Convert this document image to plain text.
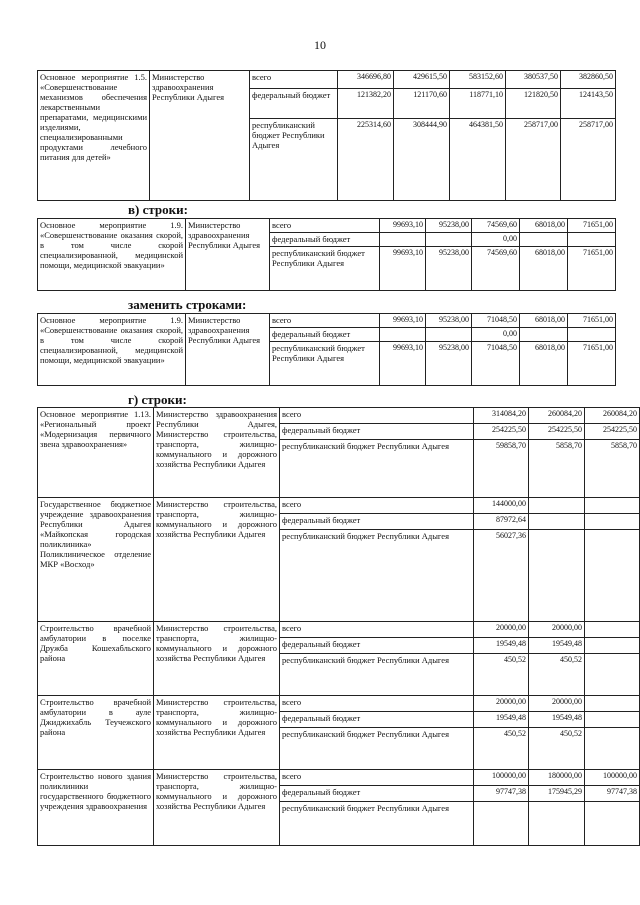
10
Основное мероприятие 1.5. «Совершенствование механизмов обеспечения лекарственными препаратами, медицинскими изделиями, специализированными продуктами лечебного питания для детей»	Министерство здравоохранения Республики Адыгея	всего	346696,80	429615,50	583152,60	380537,50	382860,50
		федеральный бюджет	121382,20	121170,60	118771,10	121820,50	124143,50
		республиканский бюджет Республики Адыгея	225314,60	308444,90	464381,50	258717,00	258717,00
в) строки:
Основное мероприятие 1.9. «Совершенствование оказания скорой, в том числе скорой специализированной, медицинской помощи, медицинской эвакуации»	Министерство здравоохранения Республики Адыгея	всего	99693,10	95238,00	74569,60	68018,00	71651,00
		федеральный бюджет			0,00		
		республиканский бюджет Республики Адыгея	99693,10	95238,00	74569,60	68018,00	71651,00
заменить строками:
Основное мероприятие 1.9. «Совершенствование оказания скорой, в том числе скорой специализированной, медицинской помощи, медицинской эвакуации»	Министерство здравоохранения Республики Адыгея	всего	99693,10	95238,00	71048,50	68018,00	71651,00
		федеральный бюджет			0,00		
		республиканский бюджет Республики Адыгея	99693,10	95238,00	71048,50	68018,00	71651,00
г) строки:
Основное мероприятие 1.13. «Региональный проект «Модернизация первичного звена здравоохранения»	Министерство здравоохранения Республики Адыгея, Министерство строительства, транспорта, жилищно-коммунального и дорожного хозяйства Республики Адыгея	всего	314084,20	260084,20	260084,20
		федеральный бюджет	254225,50	254225,50	254225,50
		республиканский бюджет Республики Адыгея	59858,70	5858,70	5858,70
Государственное бюджетное учреждение здравоохранения Республики Адыгея «Майкопская городская поликлиника» Поликлиническое отделение МКР «Восход»	Министерство строительства, транспорта, жилищно-коммунального и дорожного хозяйства Республики Адыгея	всего	144000,00		
		федеральный бюджет	87972,64		
		республиканский бюджет Республики Адыгея	56027,36		
Строительство врачебной амбулатории в поселке Дружба Кошехабльского района	Министерство строительства, транспорта, жилищно-коммунального и дорожного хозяйства Республики Адыгея	всего	20000,00	20000,00	
		федеральный бюджет	19549,48	19549,48	
		республиканский бюджет Республики Адыгея	450,52	450,52	
Строительство врачебной амбулатории в ауле Джиджихабль Теучежского района	Министерство строительства, транспорта, жилищно-коммунального и дорожного хозяйства Республики Адыгея	всего	20000,00	20000,00	
		федеральный бюджет	19549,48	19549,48	
		республиканский бюджет Республики Адыгея	450,52	450,52	
Строительство нового здания поликлиники государственного бюджетного учреждения здравоохранения	Министерство строительства, транспорта, жилищно-коммунального и дорожного хозяйства Республики Адыгея	всего	100000,00	180000,00	100000,00
		федеральный бюджет	97747,38	175945,29	97747,38
		республиканский бюджет Республики Адыгея			
